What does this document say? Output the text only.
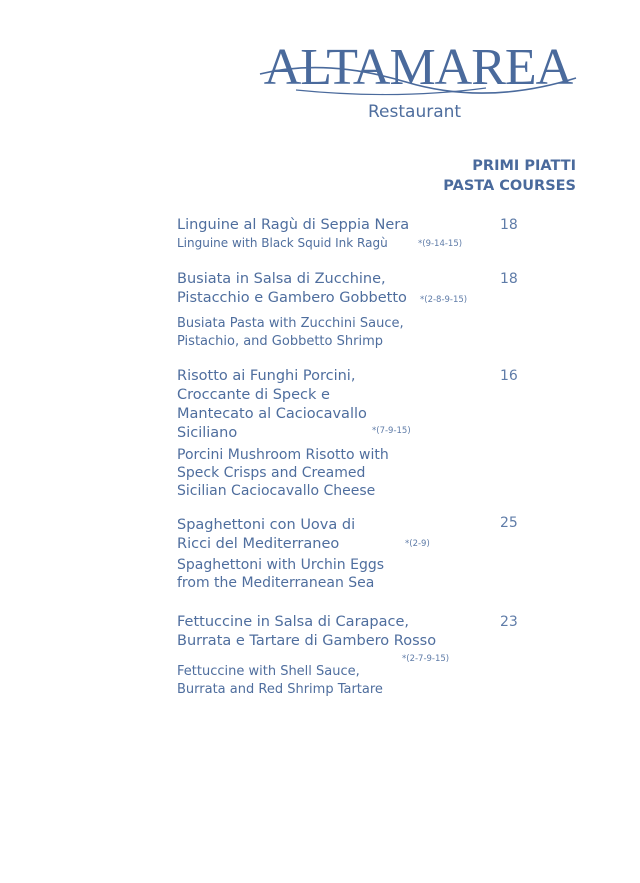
ALTAMAREA
Restaurant
PRIMI PIATTI
PASTA COURSES
Linguine al Ragù di Seppia Nera
Linguine with Black Squid Ink Ragù	*(9-14-15)
18
Busiata in Salsa di Zucchine,
Pistacchio e Gambero Gobbetto *(2-8-9-15)
Busiata Pasta with Zucchini Sauce,
Pistachio, and Gobbetto Shrimp
18
Risotto ai Funghi Porcini,
Croccante di Speck e
Mantecato al Caciocavallo
Siciliano	*(7-9-15)
Porcini Mushroom Risotto with
Speck Crisps and Creamed
Sicilian Caciocavallo Cheese
16
Spaghettoni con Uova di
Ricci del Mediterraneo	*(2-9)
Spaghettoni with Urchin Eggs
from the Mediterranean Sea
25
Fettuccine in Salsa di Carapace,
Burrata e Tartare di Gambero Rosso
*(2-7-9-15)
Fettuccine with Shell Sauce,
Burrata and Red Shrimp Tartare
23
